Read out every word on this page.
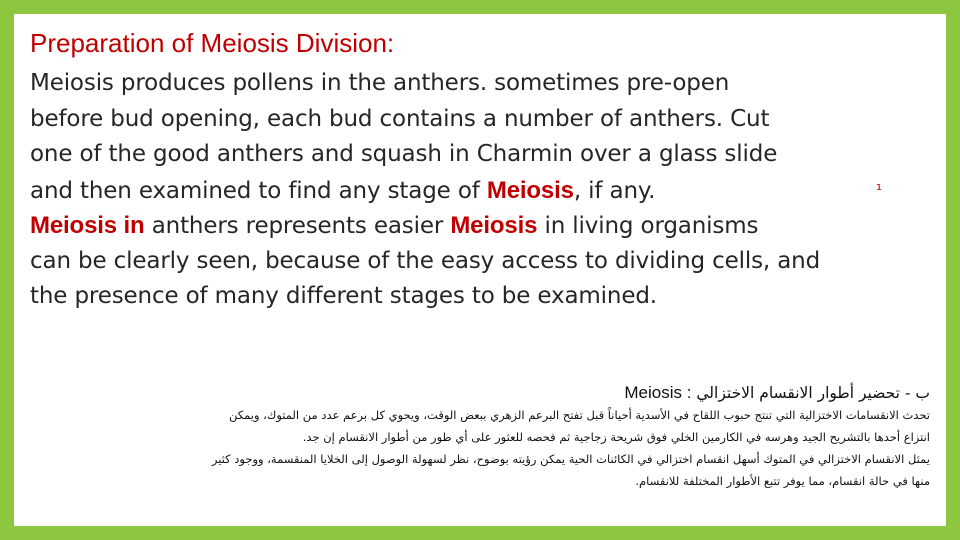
Preparation of Meiosis Division:
Meiosis produces pollens in the anthers. sometimes pre-open
before bud opening, each bud contains a number of anthers. Cut
one of the good anthers and squash in Charmin over a glass slide
and then examined to find any stage of Meiosis, if any.
Meiosis in anthers represents easier Meiosis in living organisms
can be clearly seen, because of the easy access to dividing cells, and
the presence of many different stages to be examined.
¹
ب - تحضير أطوار الانقسام الاختزالي Meiosis :
تحدث الانقسامات الاختزالية التي تنتج حبوب اللقاح في الأسدية أحياناً قبل تفتح البرعم الزهري ببعض الوقت، ويحوي كل برعم عدد من المتوك، ويمكن
انتزاع أحدها بالتشريح الجيد وهرسه في الكارمين الخلي فوق شريحة زجاجية ثم فحصه للعثور على أي طور من أطوار الانقسام إن جد.
يمثل الانقسام الاختزالي في المتوك أسهل انقسام اختزالي في الكائنات الحية يمكن رؤيته بوضوح، نظر لسهولة الوصول إلى الخلايا المنقسمة، ووجود كثير
منها في حالة انقسام، مما يوفر تتبع الأطوار المختلفة للانقسام.
